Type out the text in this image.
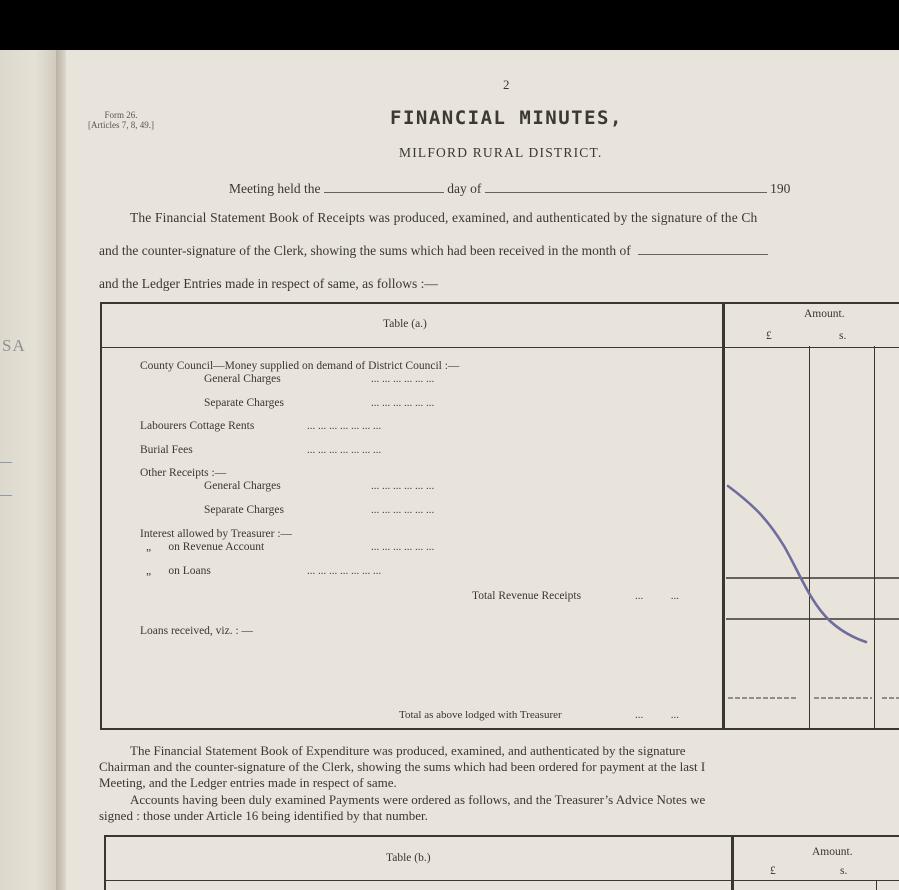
SA
—
—
2
Form 26.
[Articles 7, 8, 49.]	FINANCIAL MINUTES,
MILFORD RURAL DISTRICT.
Meeting held the	day of	190
The Financial Statement Book of Receipts was produced, examined, and authenticated by the signature of the Ch
and the counter-signature of the Clerk, showing the sums which had been received in the month of
and the Ledger Entries made in respect of same, as follows :—
Table (a.)
Amount.
£	s.
County Council—Money supplied on demand of District Council :—
General Charges	... ... ... ... ... ...
Separate Charges	... ... ... ... ... ...
Labourers Cottage Rents	... ... ... ... ... ... ...
Burial Fees	... ... ... ... ... ... ...
Other Receipts :—
General Charges	... ... ... ... ... ...
Separate Charges	... ... ... ... ... ...
Interest allowed by Treasurer :—
„      on Revenue Account	... ... ... ... ... ...
„      on Loans	... ... ... ... ... ... ...
Total Revenue Receipts	...          ...
Loans received, viz. : —
Total as above lodged with Treasurer	...          ...
The Financial Statement Book of Expenditure was produced, examined, and authenticated by the signature
Chairman and the counter-signature of the Clerk, showing the sums which had been ordered for payment at the last I
Meeting, and the Ledger entries made in respect of same.
Accounts having been duly examined Payments were ordered as follows, and the Treasurer’s Advice Notes we
signed : those under Article 16 being identified by that number.
Table (b.)	Amount.
£	s.
